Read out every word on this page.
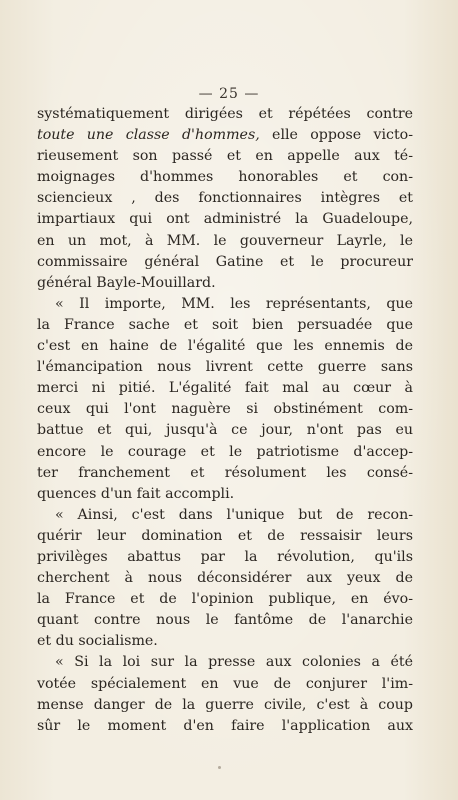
— 25 —
systématiquement dirigées et répétées contre
toute une classe d'hommes, elle oppose victo-
rieusement son passé et en appelle aux té-
moignages d'hommes honorables et con-
sciencieux , des fonctionnaires intègres et
impartiaux qui ont administré la Guadeloupe,
en un mot, à MM. le gouverneur Layrle, le
commissaire général Gatine et le procureur
général Bayle-Mouillard.
« Il importe, MM. les représentants, que
la France sache et soit bien persuadée que
c'est en haine de l'égalité que les ennemis de
l'émancipation nous livrent cette guerre sans
merci ni pitié. L'égalité fait mal au cœur à
ceux qui l'ont naguère si obstinément com-
battue et qui, jusqu'à ce jour, n'ont pas eu
encore le courage et le patriotisme d'accep-
ter franchement et résolument les consé-
quences d'un fait accompli.
« Ainsi, c'est dans l'unique but de recon-
quérir leur domination et de ressaisir leurs
privilèges abattus par la révolution, qu'ils
cherchent à nous déconsidérer aux yeux de
la France et de l'opinion publique, en évo-
quant contre nous le fantôme de l'anarchie
et du socialisme.
« Si la loi sur la presse aux colonies a été
votée spécialement en vue de conjurer l'im-
mense danger de la guerre civile, c'est à coup
sûr le moment d'en faire l'application aux
